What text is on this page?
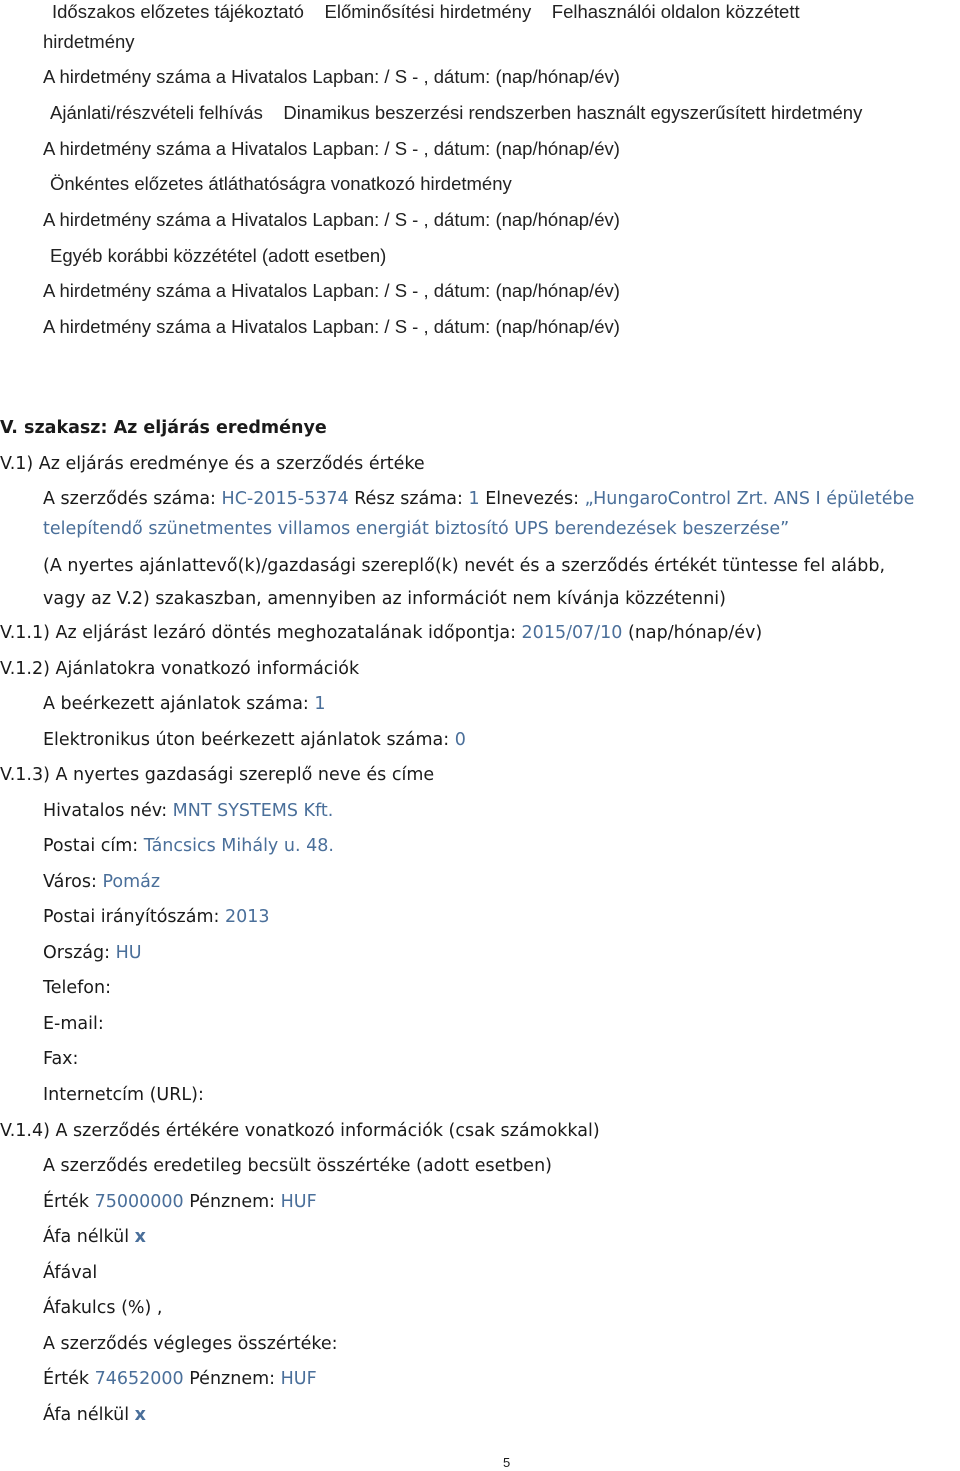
Időszakos előzetes tájékoztató Előminősítési hirdetmény Felhasználói oldalon közzétett
hirdetmény
A hirdetmény száma a Hivatalos Lapban: / S - , dátum: (nap/hónap/év)
Ajánlati/részvételi felhívás Dinamikus beszerzési rendszerben használt egyszerűsített hirdetmény
A hirdetmény száma a Hivatalos Lapban: / S - , dátum: (nap/hónap/év)
Önkéntes előzetes átláthatóságra vonatkozó hirdetmény
A hirdetmény száma a Hivatalos Lapban: / S - , dátum: (nap/hónap/év)
Egyéb korábbi közzététel (adott esetben)
A hirdetmény száma a Hivatalos Lapban: / S - , dátum: (nap/hónap/év)
A hirdetmény száma a Hivatalos Lapban: / S - , dátum: (nap/hónap/év)
V. szakasz: Az eljárás eredménye
V.1) Az eljárás eredménye és a szerződés értéke
A szerződés száma: HC-2015-5374 Rész száma: 1 Elnevezés: „HungaroControl Zrt. ANS I épületébe
telepítendő szünetmentes villamos energiát biztosító UPS berendezések beszerzése”
(A nyertes ajánlattevő(k)/gazdasági szereplő(k) nevét és a szerződés értékét tüntesse fel alább,
vagy az V.2) szakaszban, amennyiben az információt nem kívánja közzétenni)
V.1.1) Az eljárást lezáró döntés meghozatalának időpontja: 2015/07/10 (nap/hónap/év)
V.1.2) Ajánlatokra vonatkozó információk
A beérkezett ajánlatok száma: 1
Elektronikus úton beérkezett ajánlatok száma: 0
V.1.3) A nyertes gazdasági szereplő neve és címe
Hivatalos név: MNT SYSTEMS Kft.
Postai cím: Táncsics Mihály u. 48.
Város: Pomáz
Postai irányítószám: 2013
Ország: HU
Telefon:
E-mail:
Fax:
Internetcím (URL):
V.1.4) A szerződés értékére vonatkozó információk (csak számokkal)
A szerződés eredetileg becsült összértéke (adott esetben)
Érték 75000000 Pénznem: HUF
Áfa nélkül x
Áfával
Áfakulcs (%) ,
A szerződés végleges összértéke:
Érték 74652000 Pénznem: HUF
Áfa nélkül x
5
